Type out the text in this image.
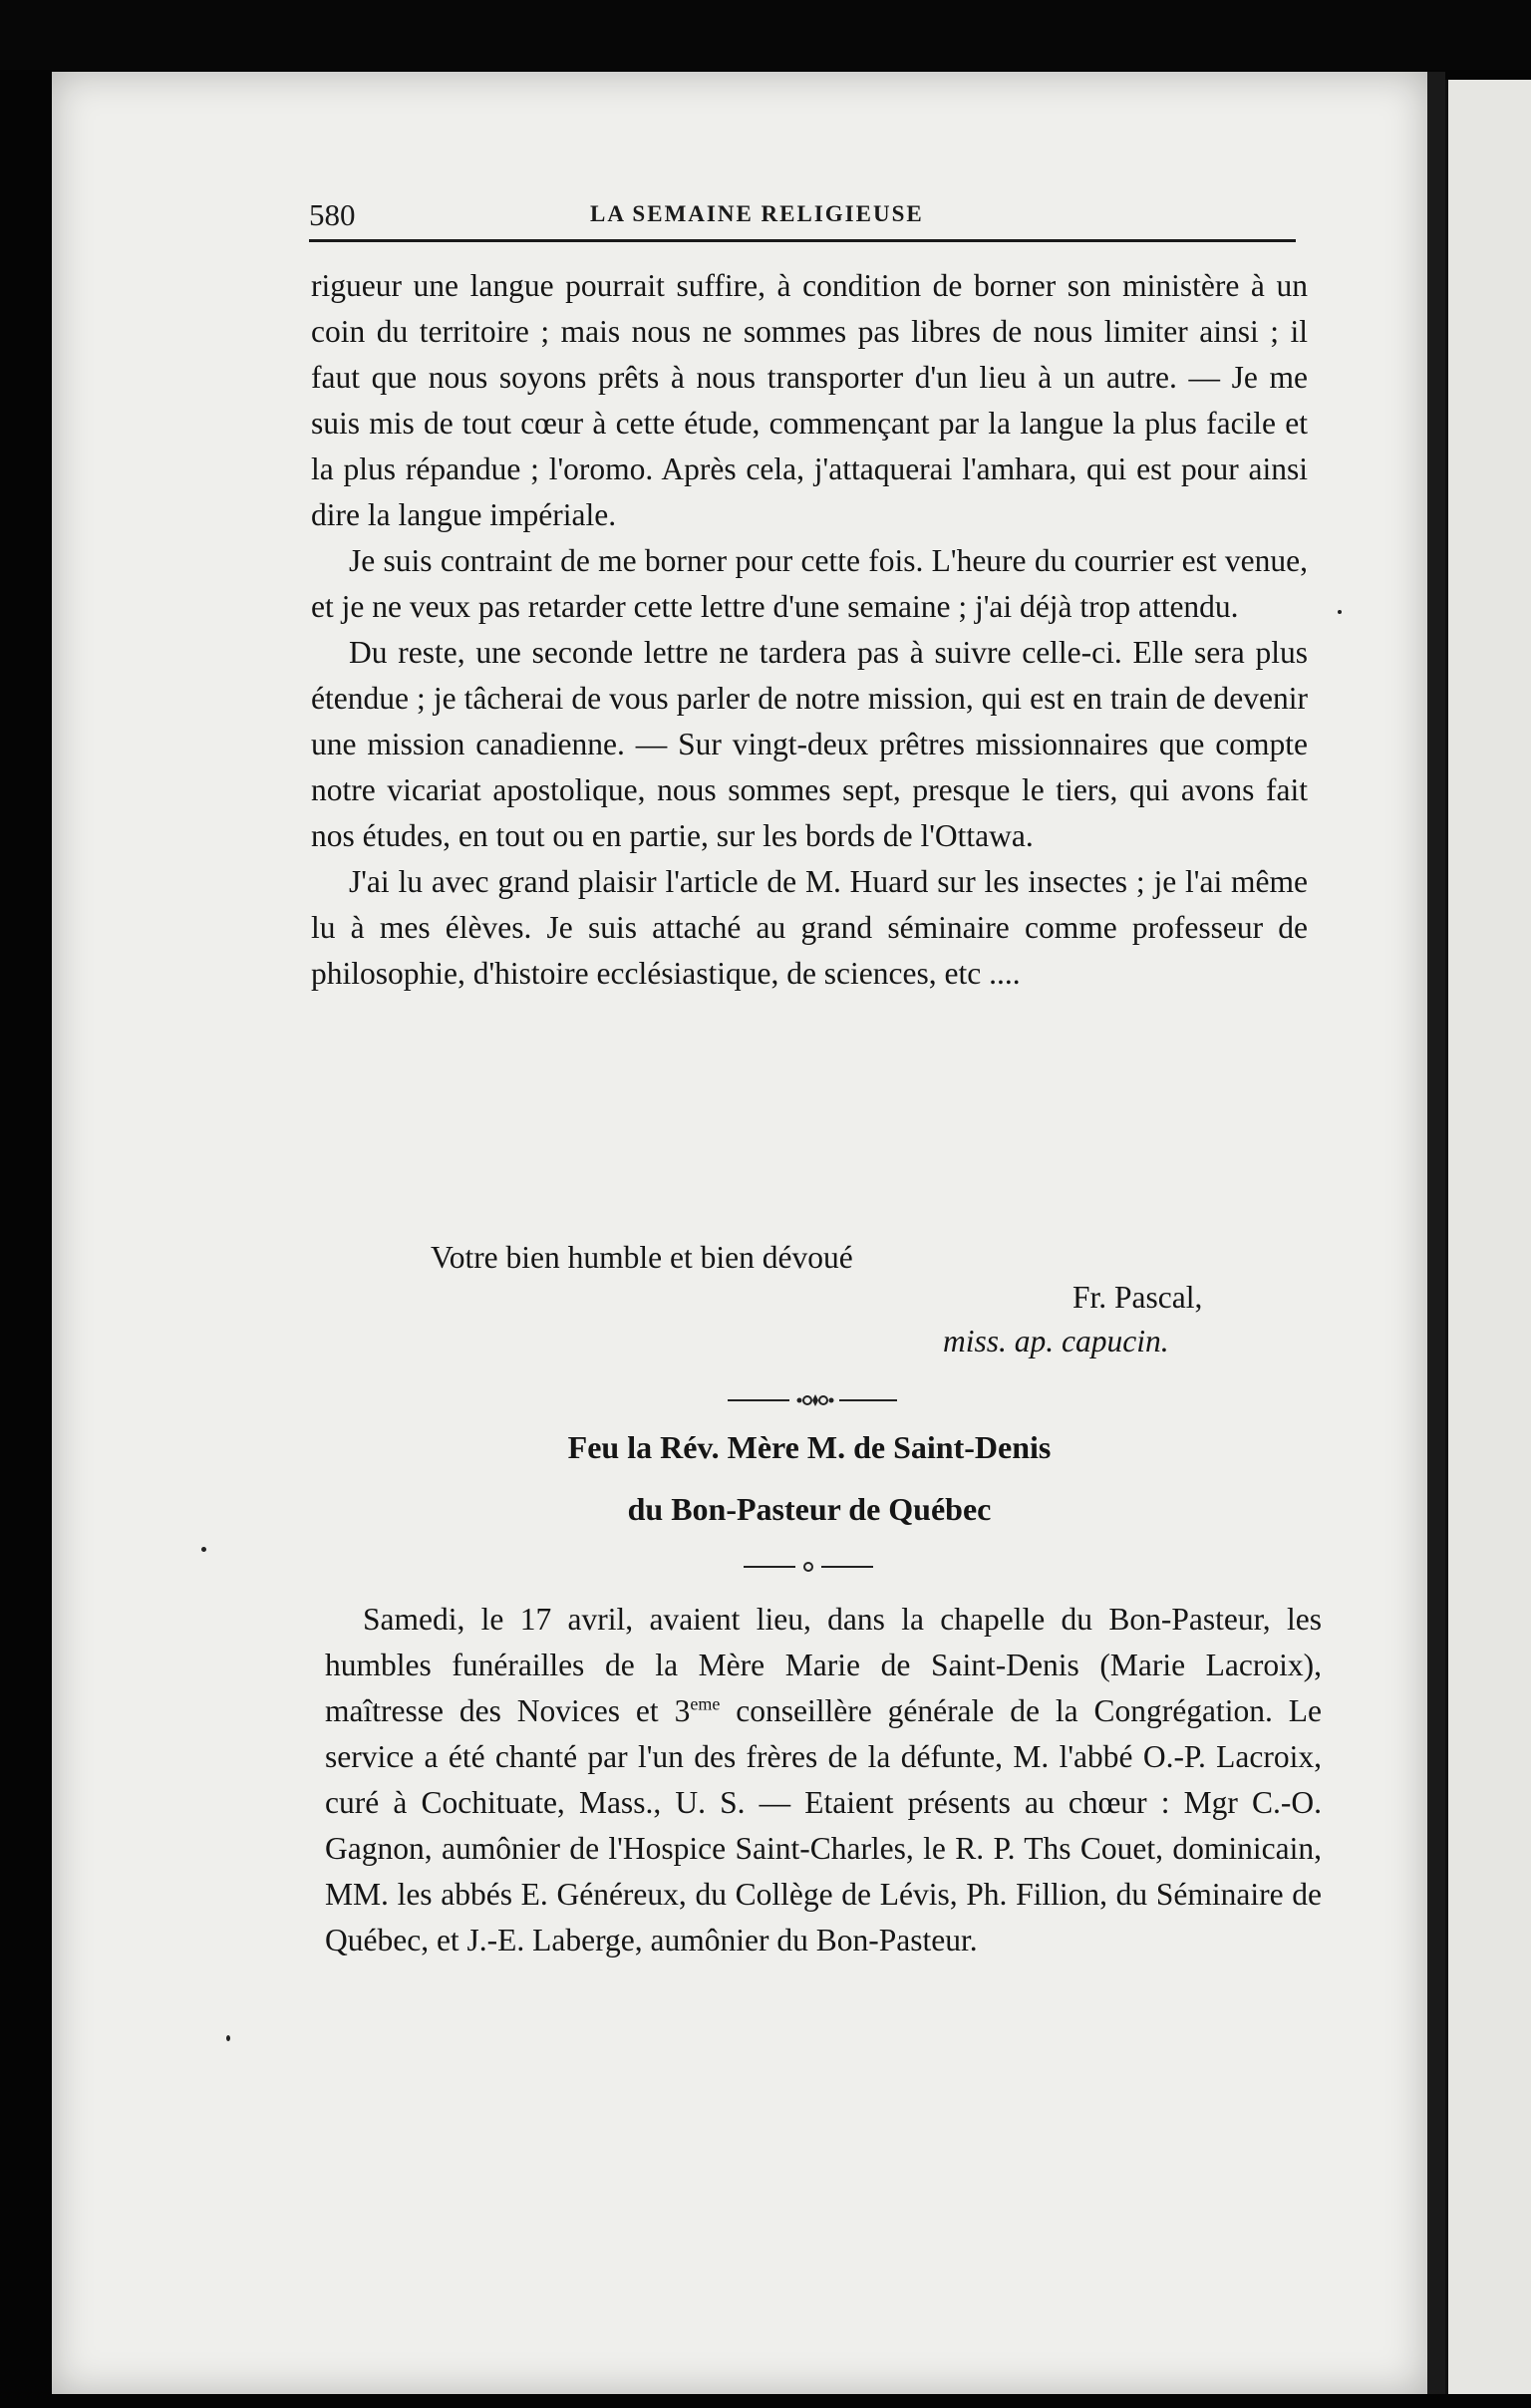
580	LA SEMAINE RELIGIEUSE

rigueur une langue pourrait suffire, à condition de borner son ministère à un coin du territoire ; mais nous ne sommes pas libres de nous limiter ainsi ; il faut que nous soyons prêts à nous transporter d'un lieu à un autre. — Je me suis mis de tout cœur à cette étude, commençant par la langue la plus facile et la plus répandue ; l'oromo. Après cela, j'attaquerai l'amhara, qui est pour ainsi dire la langue impériale.

Je suis contraint de me borner pour cette fois. L'heure du courrier est venue, et je ne veux pas retarder cette lettre d'une semaine ; j'ai déjà trop attendu.

Du reste, une seconde lettre ne tardera pas à suivre celle-ci. Elle sera plus étendue ; je tâcherai de vous parler de notre mission, qui est en train de devenir une mission canadienne. — Sur vingt-deux prêtres missionnaires que compte notre vicariat apostolique, nous sommes sept, presque le tiers, qui avons fait nos études, en tout ou en partie, sur les bords de l'Ottawa.

J'ai lu avec grand plaisir l'article de M. Huard sur les insectes ; je l'ai même lu à mes élèves. Je suis attaché au grand séminaire comme professeur de philosophie, d'histoire ecclésiastique, de sciences, etc ....

Votre bien humble et bien dévoué
Fr. Pascal,
miss. ap. capucin.
Feu la Rév. Mère M. de Saint-Denis
du Bon-Pasteur de Québec

Samedi, le 17 avril, avaient lieu, dans la chapelle du Bon-Pasteur, les humbles funérailles de la Mère Marie de Saint-Denis (Marie Lacroix), maîtresse des Novices et 3eme conseillère générale de la Congrégation. Le service a été chanté par l'un des frères de la défunte, M. l'abbé O.-P. Lacroix, curé à Cochituate, Mass., U. S. — Etaient présents au chœur : Mgr C.-O. Gagnon, aumônier de l'Hospice Saint-Charles, le R. P. Ths Couet, dominicain, MM. les abbés E. Généreux, du Collège de Lévis, Ph. Fillion, du Séminaire de Québec, et J.-E. Laberge, aumônier du Bon-Pasteur.
